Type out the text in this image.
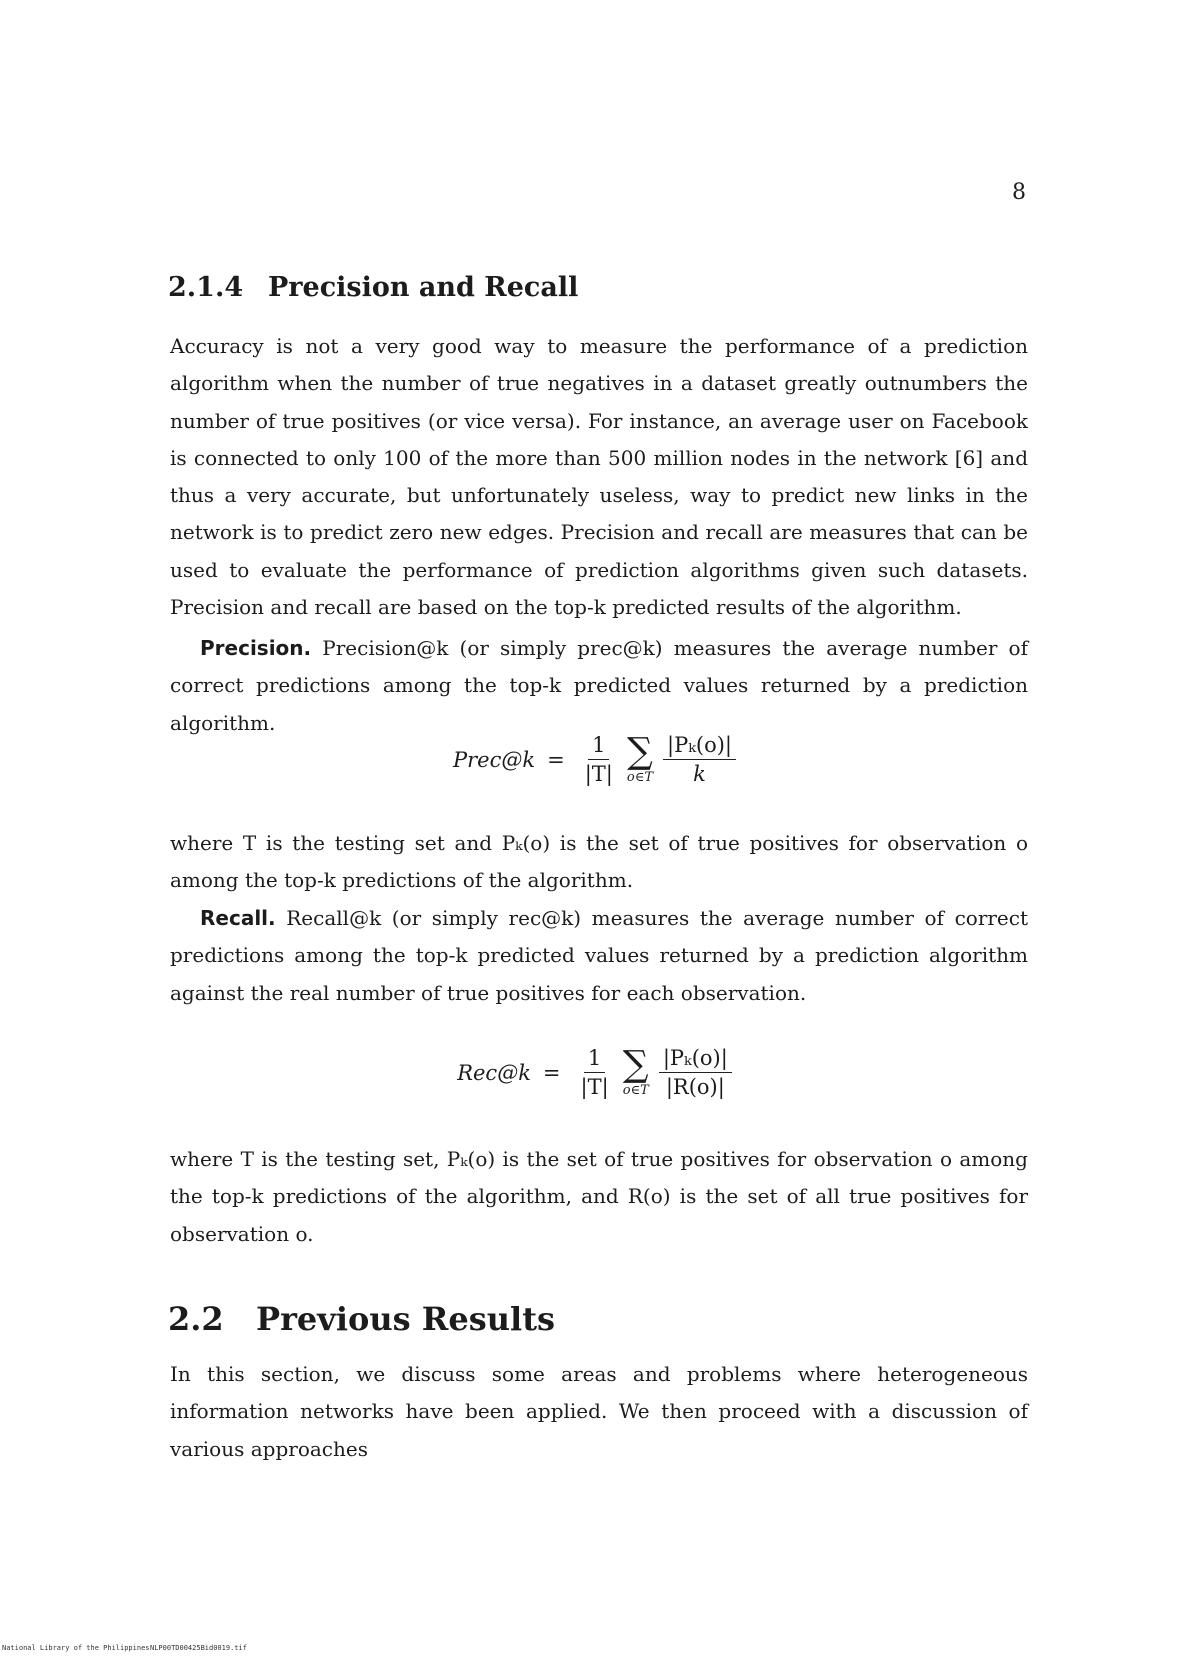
8
2.1.4 Precision and Recall

Accuracy is not a very good way to measure the performance of a prediction algorithm when the number of true negatives in a dataset greatly outnumbers the number of true positives (or vice versa). For instance, an average user on Facebook is connected to only 100 of the more than 500 million nodes in the network [6] and thus a very accurate, but unfortunately useless, way to predict new links in the network is to predict zero new edges. Precision and recall are measures that can be used to evaluate the performance of prediction algorithms given such datasets. Precision and recall are based on the top-k predicted results of the algorithm.

Precision. Precision@k (or simply prec@k) measures the average number of correct predictions among the top-k predicted values returned by a prediction algorithm.

Prec@k = $\frac{1}{|T|}$ ∑
o∈T $\frac{\text{|Pₖ(o)|}}{k}$

where T is the testing set and Pₖ(o) is the set of true positives for observation o among the top-k predictions of the algorithm.

Recall. Recall@k (or simply rec@k) measures the average number of correct predictions among the top-k predicted values returned by a prediction algorithm against the real number of true positives for each observation.

Rec@k = $\frac{1}{|T|}$ ∑
o∈T $\frac{\text{|Pₖ(o)|}}{|R(o)|}$

where T is the testing set, Pₖ(o) is the set of true positives for observation o among the top-k predictions of the algorithm, and R(o) is the set of all true positives for observation o.

2.2 Previous Results

In this section, we discuss some areas and problems where heterogeneous information networks have been applied. We then proceed with a discussion of various approaches

National Library of the Philippines NLP00TD00425Bid0019.tif
